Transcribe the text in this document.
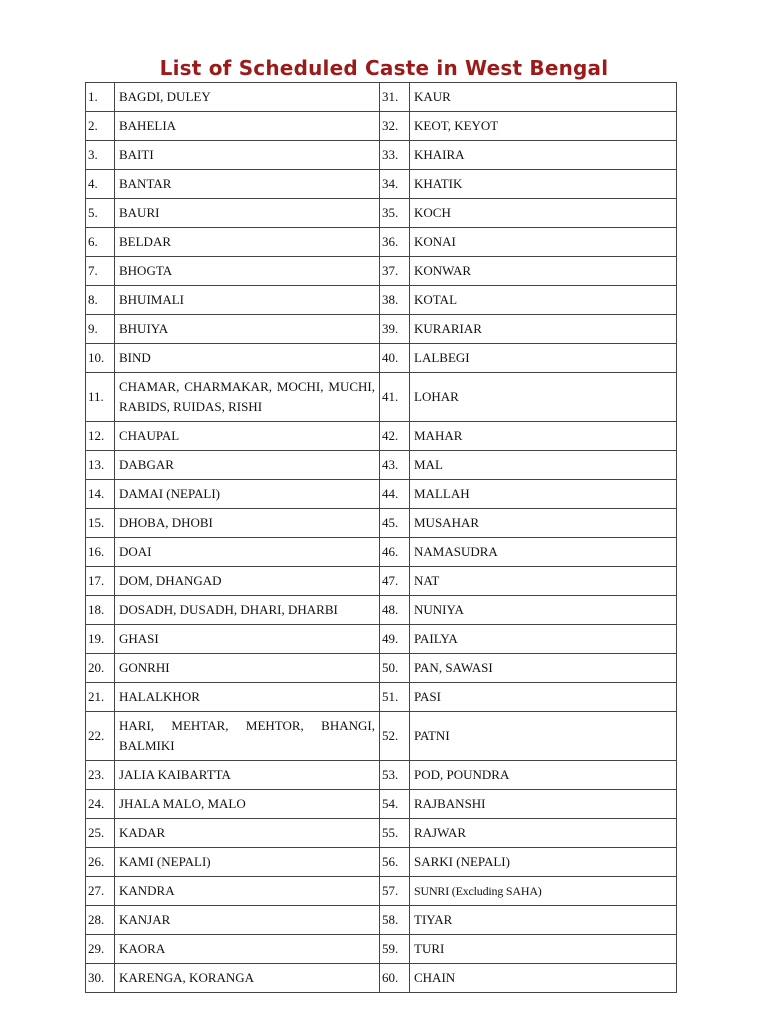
List of Scheduled Caste in West Bengal
1.	BAGDI, DULEY	31.	KAUR
2.	BAHELIA	32.	KEOT, KEYOT
3.	BAITI	33.	KHAIRA
4.	BANTAR	34.	KHATIK
5.	BAURI	35.	KOCH
6.	BELDAR	36.	KONAI
7.	BHOGTA	37.	KONWAR
8.	BHUIMALI	38.	KOTAL
9.	BHUIYA	39.	KURARIAR
10.	BIND	40.	LALBEGI
11.	CHAMAR, CHARMAKAR, MOCHI, MUCHI, RABIDS, RUIDAS, RISHI	41.	LOHAR
12.	CHAUPAL	42.	MAHAR
13.	DABGAR	43.	MAL
14.	DAMAI (NEPALI)	44.	MALLAH
15.	DHOBA, DHOBI	45.	MUSAHAR
16.	DOAI	46.	NAMASUDRA
17.	DOM, DHANGAD	47.	NAT
18.	DOSADH, DUSADH, DHARI, DHARBI	48.	NUNIYA
19.	GHASI	49.	PAILYA
20.	GONRHI	50.	PAN, SAWASI
21.	HALALKHOR	51.	PASI
22.	HARI, MEHTAR, MEHTOR, BHANGI, BALMIKI	52.	PATNI
23.	JALIA KAIBARTTA	53.	POD, POUNDRA
24.	JHALA MALO, MALO	54.	RAJBANSHI
25.	KADAR	55.	RAJWAR
26.	KAMI (NEPALI)	56.	SARKI (NEPALI)
27.	KANDRA	57.	SUNRI (Excluding SAHA)
28.	KANJAR	58.	TIYAR
29.	KAORA	59.	TURI
30.	KARENGA, KORANGA	60.	CHAIN
